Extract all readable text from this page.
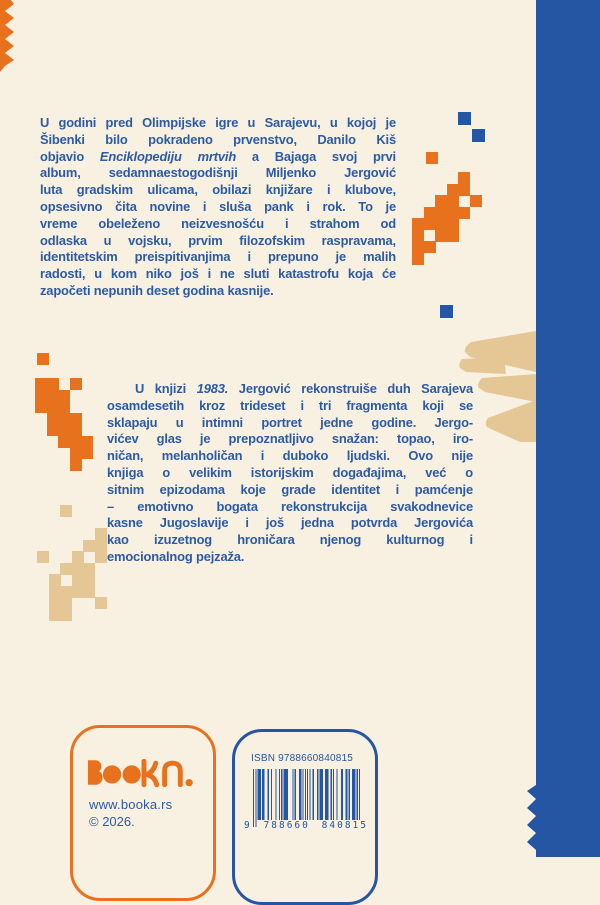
U godini pred Olimpijske igre u Sarajevu, u kojoj je
Šibenki bilo pokradeno prvenstvo, Danilo Kiš
objavio Enciklopediju mrtvih a Bajaga svoj prvi
album, sedamnaestogodišnji Miljenko Jergović
luta gradskim ulicama, obilazi knjižare i klubove,
opsesivno čita novine i sluša pank i rok. To je
vreme obeleženo neizvesnošću i strahom od
odlaska u vojsku, prvim filozofskim raspravama,
identitetskim preispitivanjima i prepuno je malih
radosti, u kom niko još i ne sluti katastrofu koja će
započeti nepunih deset godina kasnije.
U knjizi 1983. Jergović rekonstruiše duh Sarajeva
osamdesetih kroz trideset i tri fragmenta koji se
sklapaju u intimni portret jedne godine. Jergo-
vićev glas je prepoznatljivo snažan: topao, iro-
ničan, melanholičan i duboko ljudski. Ovo nije
knjiga o velikim istorijskim događajima, već o
sitnim epizodama koje grade identitet i pamćenje
– emotivno bogata rekonstrukcija svakodnevice
kasne Jugoslavije i još jedna potvrda Jergovića
kao izuzetnog hroničara njenog kulturnog i
emocionalnog pejzaža.
www.booka.rs
© 2026.
ISBN 9788660840815
9 788660 840815
